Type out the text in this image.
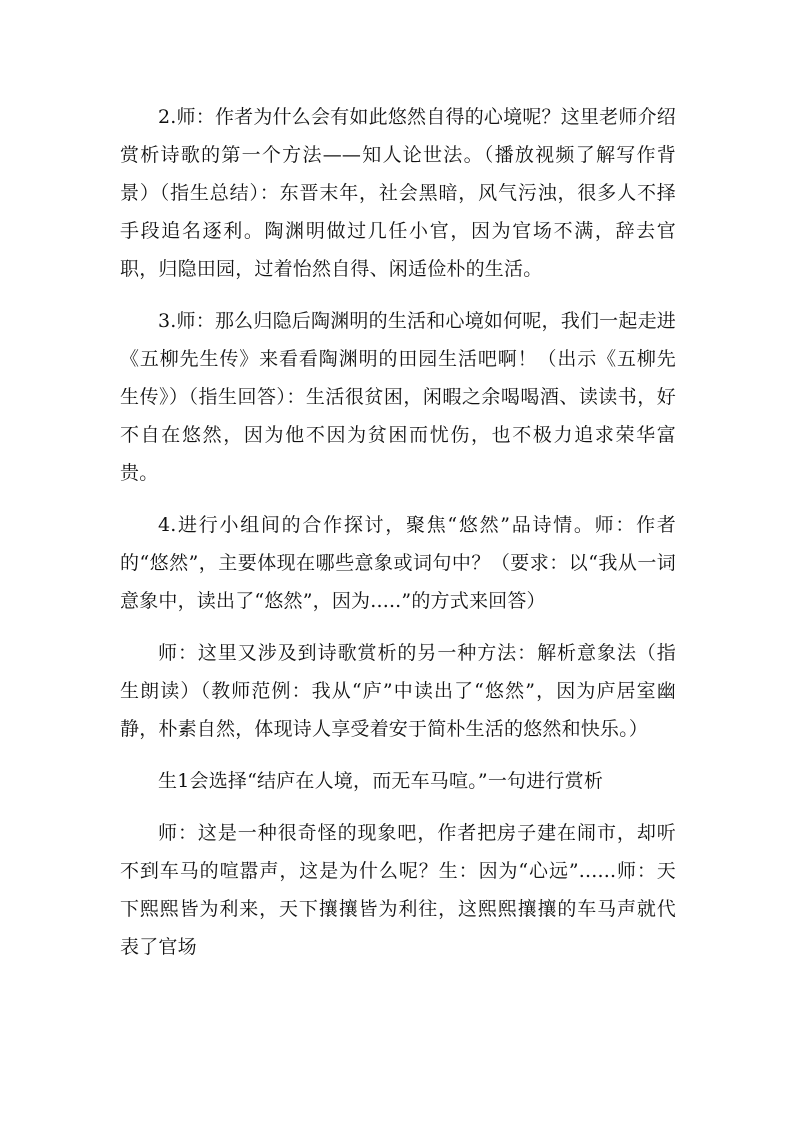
2.师：作者为什么会有如此悠然自得的心境呢？这里老师介绍赏析诗歌的第一个方法——知人论世法。（播放视频了解写作背景）（指生总结）：东晋末年，社会黑暗，风气污浊，很多人不择手段追名逐利。陶渊明做过几任小官，因为官场不满，辞去官职，归隐田园，过着怡然自得、闲适俭朴的生活。

3.师：那么归隐后陶渊明的生活和心境如何呢，我们一起走进《五柳先生传》来看看陶渊明的田园生活吧啊！（出示《五柳先生传》）（指生回答）：生活很贫困，闲暇之余喝喝酒、读读书，好不自在悠然，因为他不因为贫困而忧伤，也不极力追求荣华富贵。

4.进行小组间的合作探讨，聚焦“悠然”品诗情。师：作者的“悠然”，主要体现在哪些意象或词句中？（要求：以“我从一词意象中，读出了“悠然”，因为.....”的方式来回答）

师：这里又涉及到诗歌赏析的另一种方法：解析意象法（指生朗读）（教师范例：我从“庐”中读出了“悠然”，因为庐居室幽静，朴素自然，体现诗人享受着安于简朴生活的悠然和快乐。）

生1会选择“结庐在人境，而无车马喧。”一句进行赏析

师：这是一种很奇怪的现象吧，作者把房子建在闹市，却听不到车马的喧嚣声，这是为什么呢？生：因为“心远”......师：天下熙熙皆为利来，天下攘攘皆为利往，这熙熙攘攘的车马声就代表了官场
